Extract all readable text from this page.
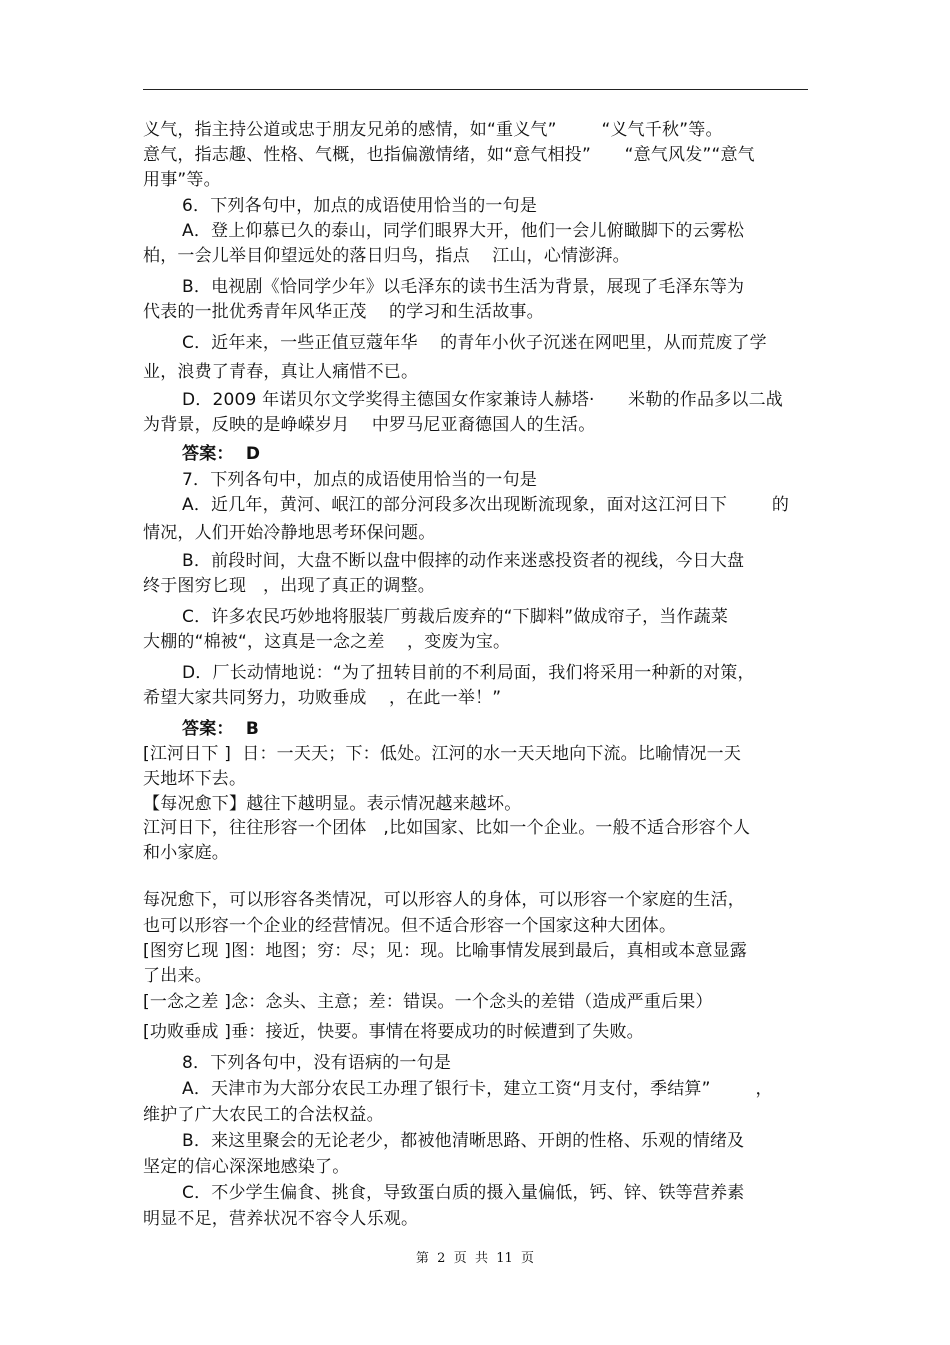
义气，指主持公道或忠于朋友兄弟的感情，如“重义气”        “义气千秋”等。
意气，指志趣、性格、气概，也指偏激情绪，如“意气相投”      “意气风发”“意气
用事”等。
6．下列各句中，加点的成语使用恰当的一句是
A．登上仰慕已久的泰山，同学们眼界大开，他们一会儿俯瞰脚下的云雾松
柏，一会儿举目仰望远处的落日归鸟，指点    江山，心情澎湃。
B．电视剧《恰同学少年》以毛泽东的读书生活为背景，展现了毛泽东等为
代表的一批优秀青年风华正茂    的学习和生活故事。
C．近年来，一些正值豆蔻年华    的青年小伙子沉迷在网吧里，从而荒废了学
业，浪费了青春，真让人痛惜不已。
D．2009 年诺贝尔文学奖得主德国女作家兼诗人赫塔·      米勒的作品多以二战
为背景，反映的是峥嵘岁月    中罗马尼亚裔德国人的生活。
答案：  D
7．下列各句中，加点的成语使用恰当的一句是
A．近几年，黄河、岷江的部分河段多次出现断流现象，面对这江河日下        的
情况，人们开始冷静地思考环保问题。
B．前段时间，大盘不断以盘中假摔的动作来迷惑投资者的视线，今日大盘
终于图穷匕现   ，出现了真正的调整。
C．许多农民巧妙地将服装厂剪裁后废弃的“下脚料”做成帘子，当作蔬菜
大棚的“棉被“，这真是一念之差    ，变废为宝。
D．厂长动情地说：“为了扭转目前的不利局面，我们将采用一种新的对策，
希望大家共同努力，功败垂成    ，在此一举！”
答案：  B
[江河日下 ]  日：一天天；下：低处。江河的水一天天地向下流。比喻情况一天
天地坏下去。
【每况愈下】越往下越明显。表示情况越来越坏。
江河日下，往往形容一个团体   ,比如国家、比如一个企业。一般不适合形容个人
和小家庭。
每况愈下，可以形容各类情况，可以形容人的身体，可以形容一个家庭的生活，
也可以形容一个企业的经营情况。但不适合形容一个国家这种大团体。
[图穷匕现 ]图：地图；穷：尽；见：现。比喻事情发展到最后，真相或本意显露
了出来。
[一念之差 ]念：念头、主意；差：错误。一个念头的差错（造成严重后果）
[功败垂成 ]垂：接近，快要。事情在将要成功的时候遭到了失败。
8．下列各句中，没有语病的一句是
A．天津市为大部分农民工办理了银行卡，建立工资“月支付，季结算”        ，
维护了广大农民工的合法权益。
B．来这里聚会的无论老少，都被他清晰思路、开朗的性格、乐观的情绪及
坚定的信心深深地感染了。
C．不少学生偏食、挑食，导致蛋白质的摄入量偏低，钙、锌、铁等营养素
明显不足，营养状况不容令人乐观。
第  2  页  共  11  页
